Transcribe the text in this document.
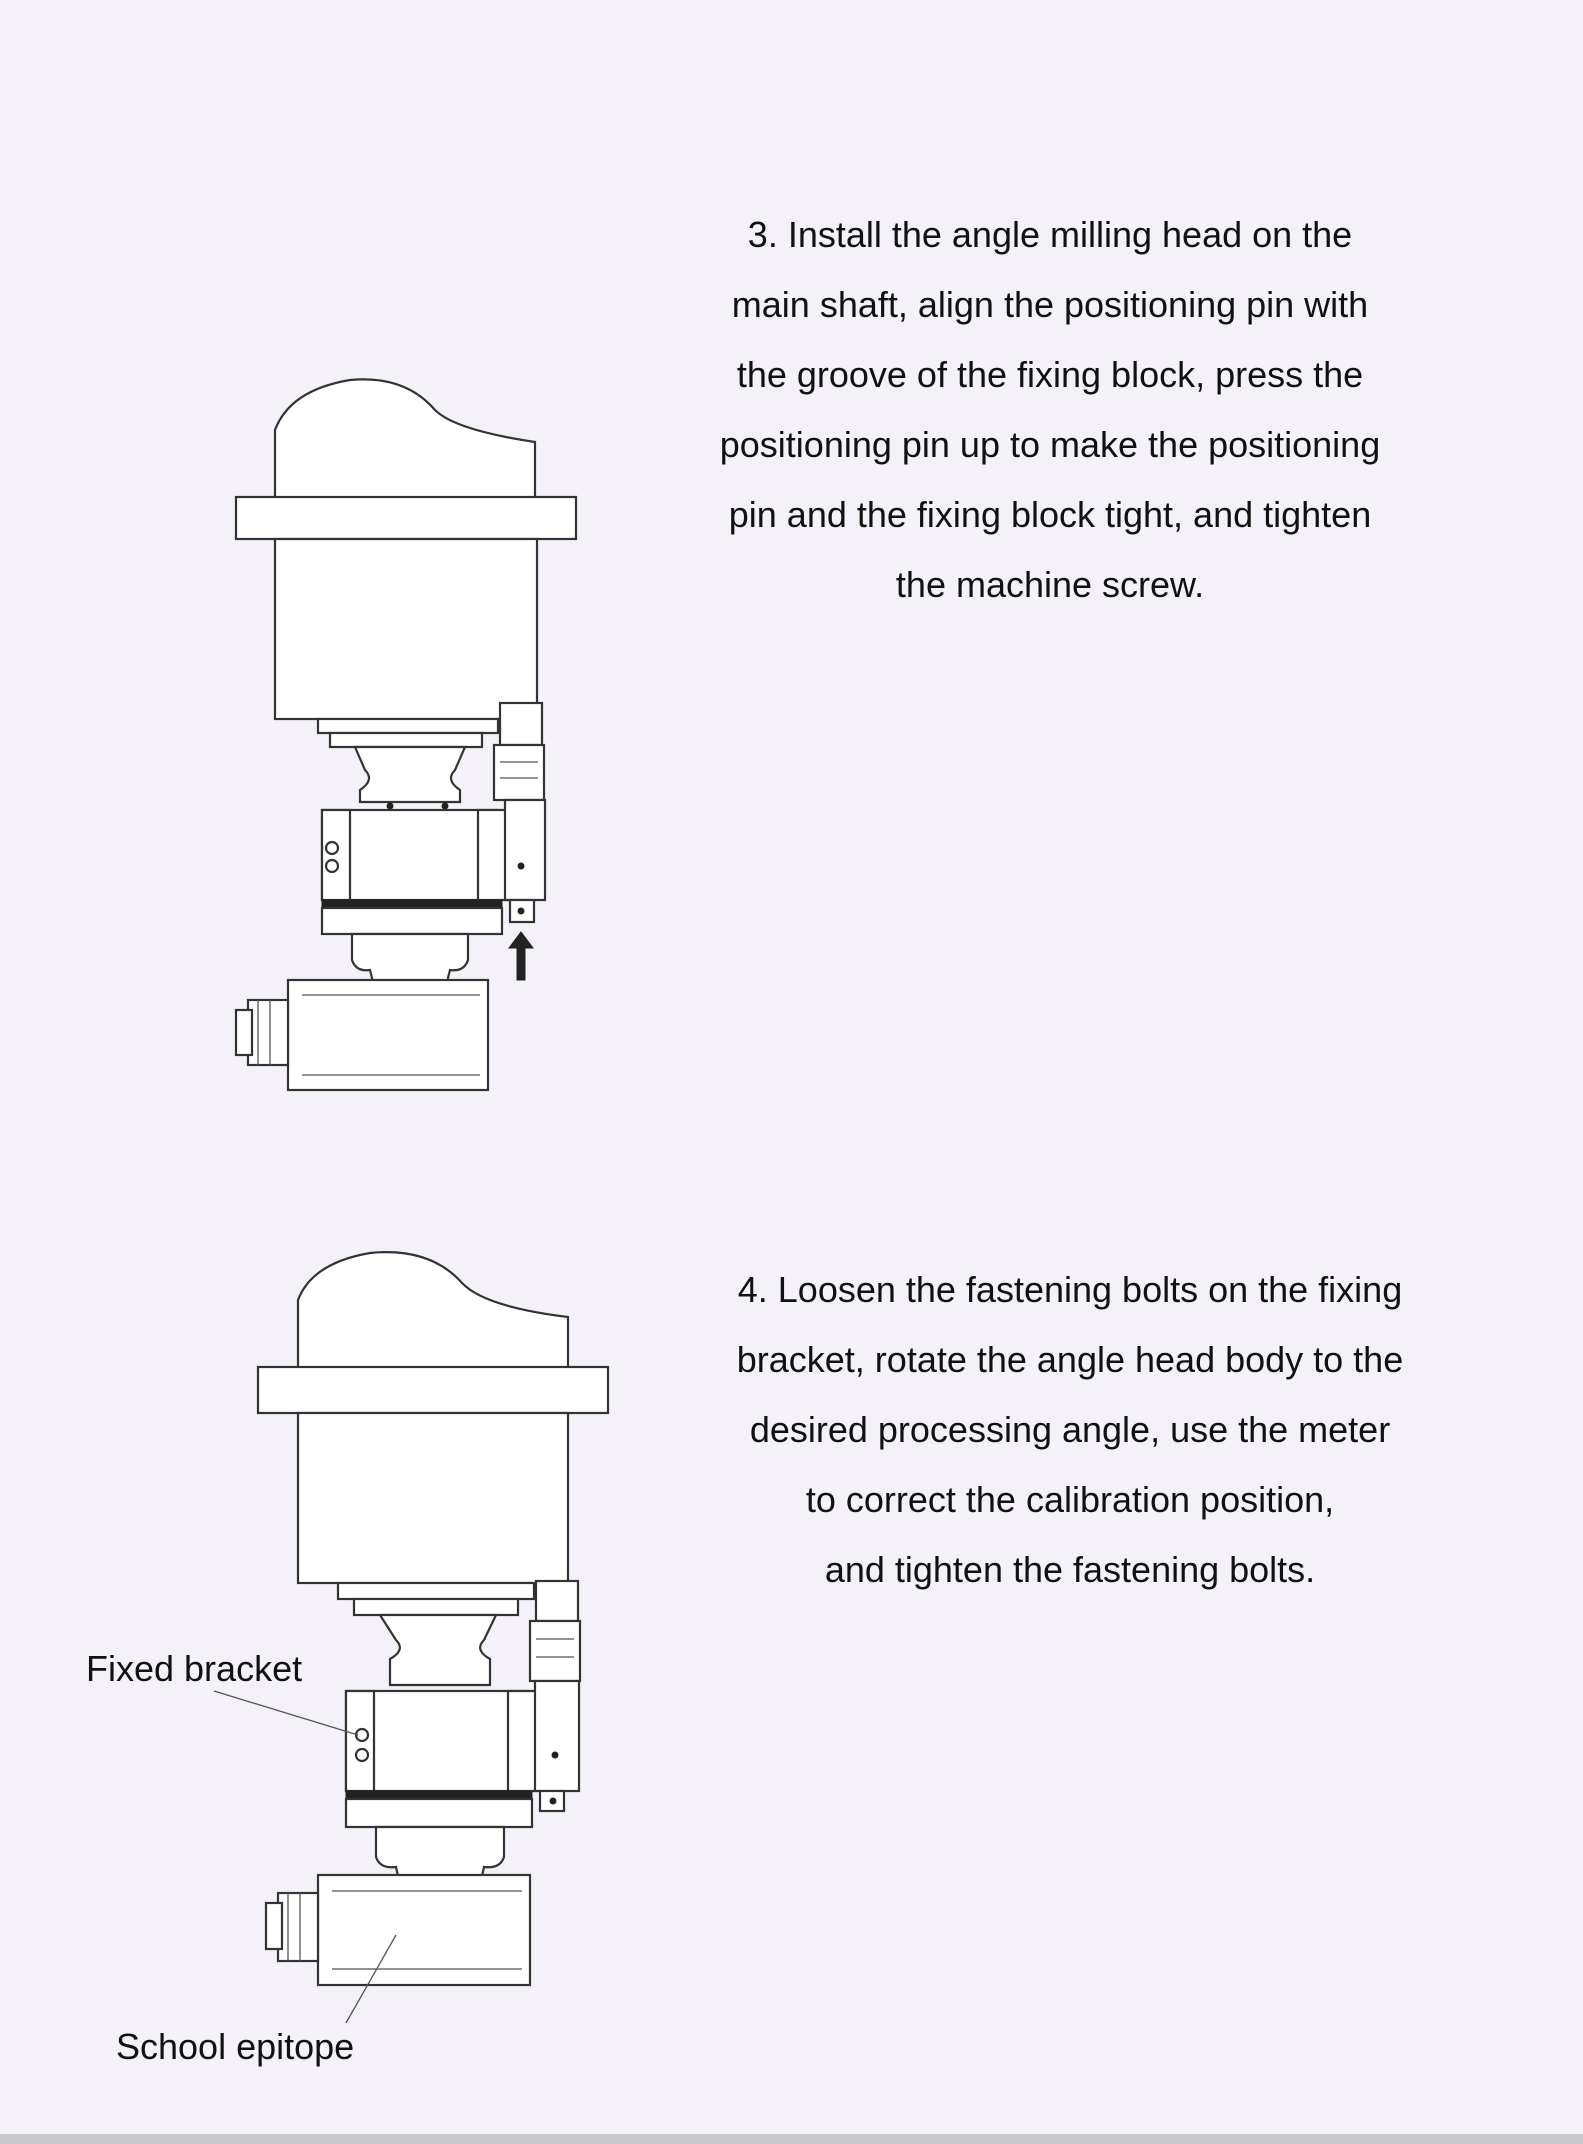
3. Install the angle milling head on the
main shaft, align the positioning pin with
the groove of the fixing block, press the
positioning pin up to make the positioning
pin and the fixing block tight, and tighten
the machine screw.
4. Loosen the fastening bolts on the fixing
bracket, rotate the angle head body to the
desired processing angle, use the meter
to correct the calibration position,
and tighten the fastening bolts.
Fixed bracket
School epitope
